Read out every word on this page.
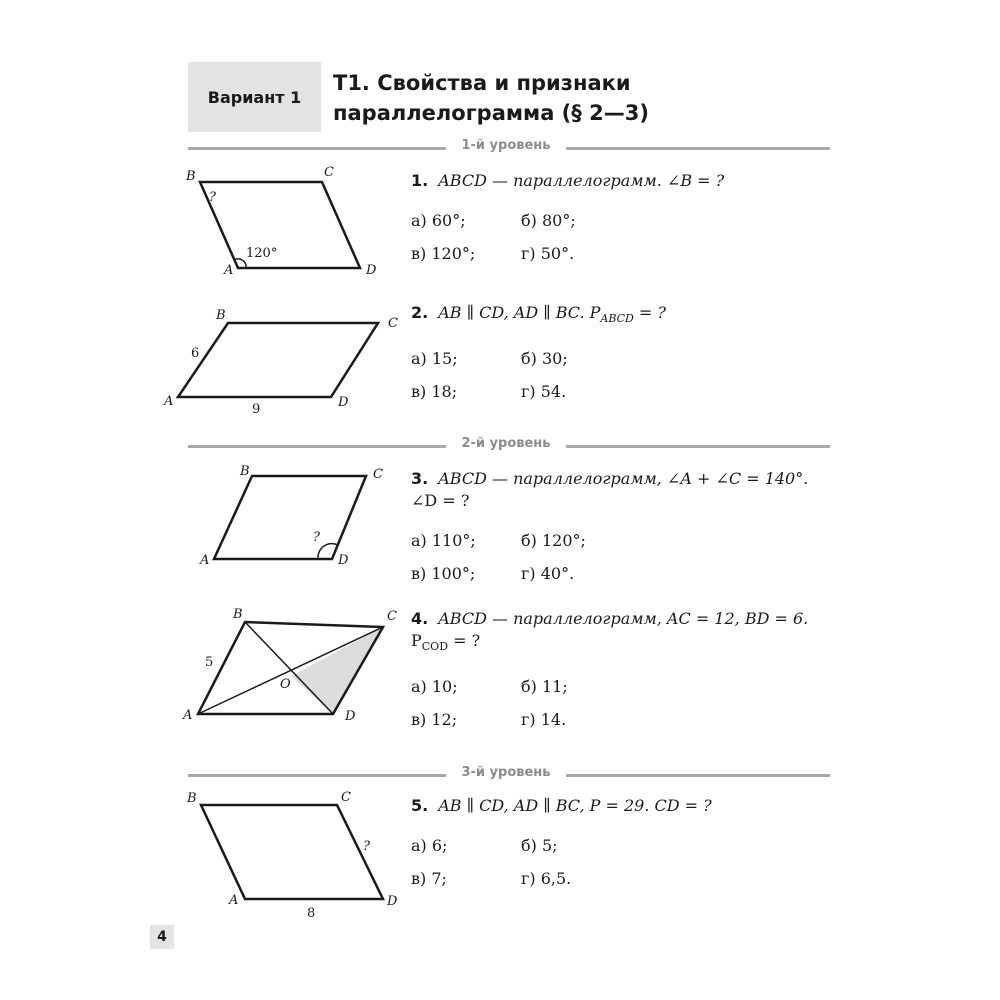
Вариант 1
Т1. Свойства и признаки
параллелограмма (§ 2—3)
1-й уровень
B	C
A	D
?
120°
1. ABCD — параллелограмм. ∠B = ?
а) 60°;	б) 80°;
в) 120°;	г) 50°.
B
C
A	D
6
9
2. AB ∥ CD, AD ∥ BC. $P_{ABCD}$ = ?
а) 15;	б) 30;
в) 18;	г) 54.
2-й уровень
B	C
A	D
?
3. ABCD — параллелограмм, ∠A + ∠C = 140°.
∠D = ?
а) 110°;	б) 120°;
в) 100°;	г) 40°.
B	C
A	D
O
5
4. ABCD — параллелограмм, AC = 12, BD = 6.
$P_{COD}$ = ?
а) 10;	б) 11;
в) 12;	г) 14.
3-й уровень
B	C
A	D
?
8
5. AB ∥ CD, AD ∥ BC, P = 29. CD = ?
а) 6;	б) 5;
в) 7;	г) 6,5.
4
